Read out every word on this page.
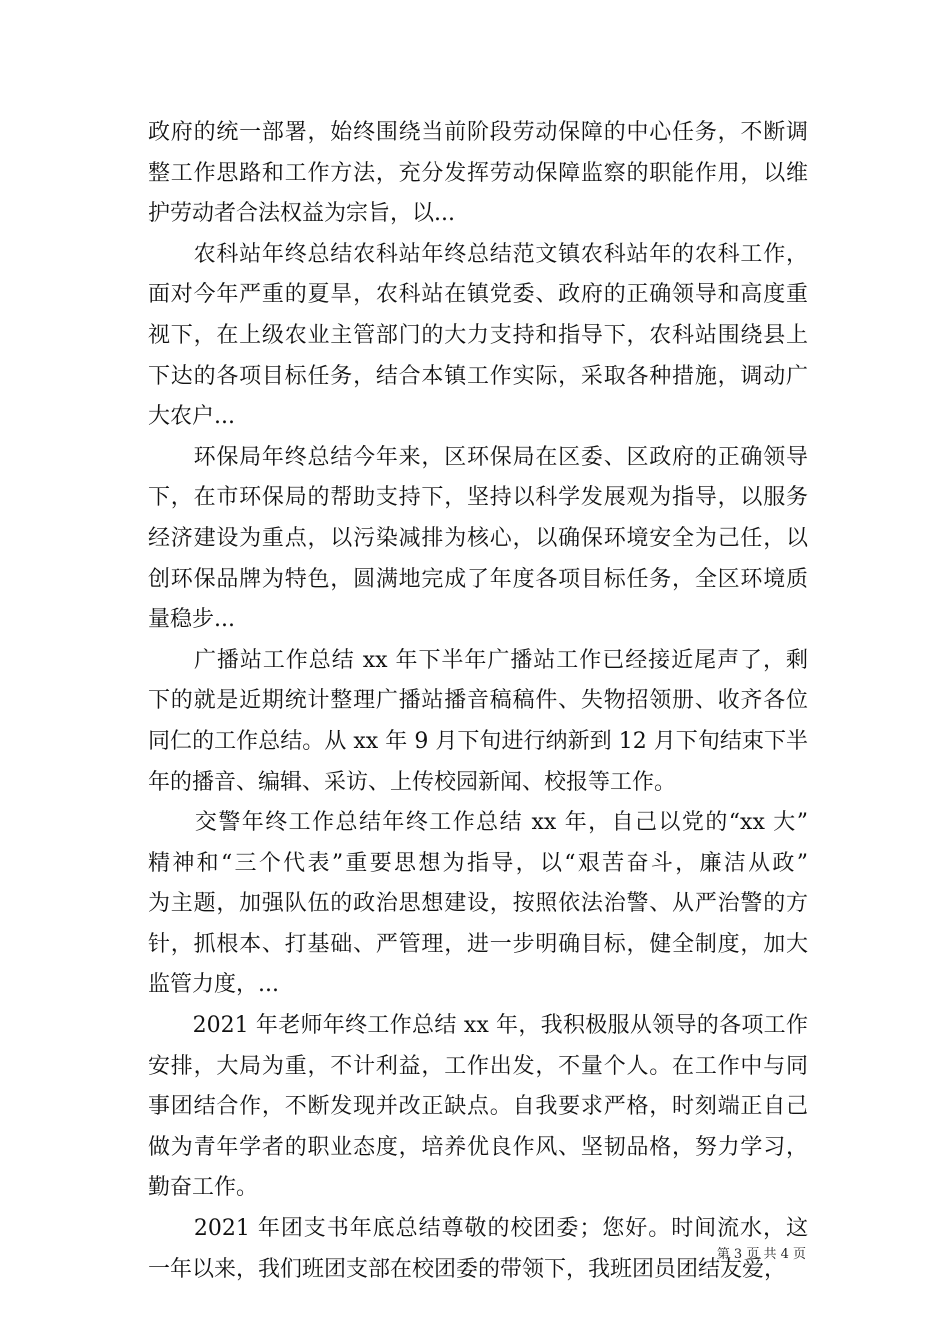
政府的统一部署，始终围绕当前阶段劳动保障的中心任务，不断调
整工作思路和工作方法，充分发挥劳动保障监察的职能作用，以维
护劳动者合法权益为宗旨，以...
　　农科站年终总结农科站年终总结范文镇农科站年的农科工作，
面对今年严重的夏旱，农科站在镇党委、政府的正确领导和高度重
视下，在上级农业主管部门的大力支持和指导下，农科站围绕县上
下达的各项目标任务，结合本镇工作实际，采取各种措施，调动广
大农户...
　　环保局年终总结今年来，区环保局在区委、区政府的正确领导
下，在市环保局的帮助支持下，坚持以科学发展观为指导，以服务
经济建设为重点，以污染减排为核心，以确保环境安全为己任，以
创环保品牌为特色，圆满地完成了年度各项目标任务，全区环境质
量稳步...
　　广播站工作总结 xx 年下半年广播站工作已经接近尾声了，剩
下的就是近期统计整理广播站播音稿稿件、失物招领册、收齐各位
同仁的工作总结。从 xx 年 9 月下旬进行纳新到 12 月下旬结束下半
年的播音、编辑、采访、上传校园新闻、校报等工作。
　　交警年终工作总结年终工作总结 xx 年，自己以党的“xx 大”
精神和“三个代表”重要思想为指导，以“艰苦奋斗，廉洁从政”
为主题，加强队伍的政治思想建设，按照依法治警、从严治警的方
针，抓根本、打基础、严管理，进一步明确目标，健全制度，加大
监管力度，...
　　2021 年老师年终工作总结 xx 年，我积极服从领导的各项工作
安排，大局为重，不计利益，工作出发，不量个人。在工作中与同
事团结合作，不断发现并改正缺点。自我要求严格，时刻端正自己
做为青年学者的职业态度，培养优良作风、坚韧品格，努力学习，
勤奋工作。
　　2021 年团支书年底总结尊敬的校团委；您好。时间流水，这
一年以来，我们班团支部在校团委的带领下，我班团员团结友爱，
第 3 页 共 4 页
